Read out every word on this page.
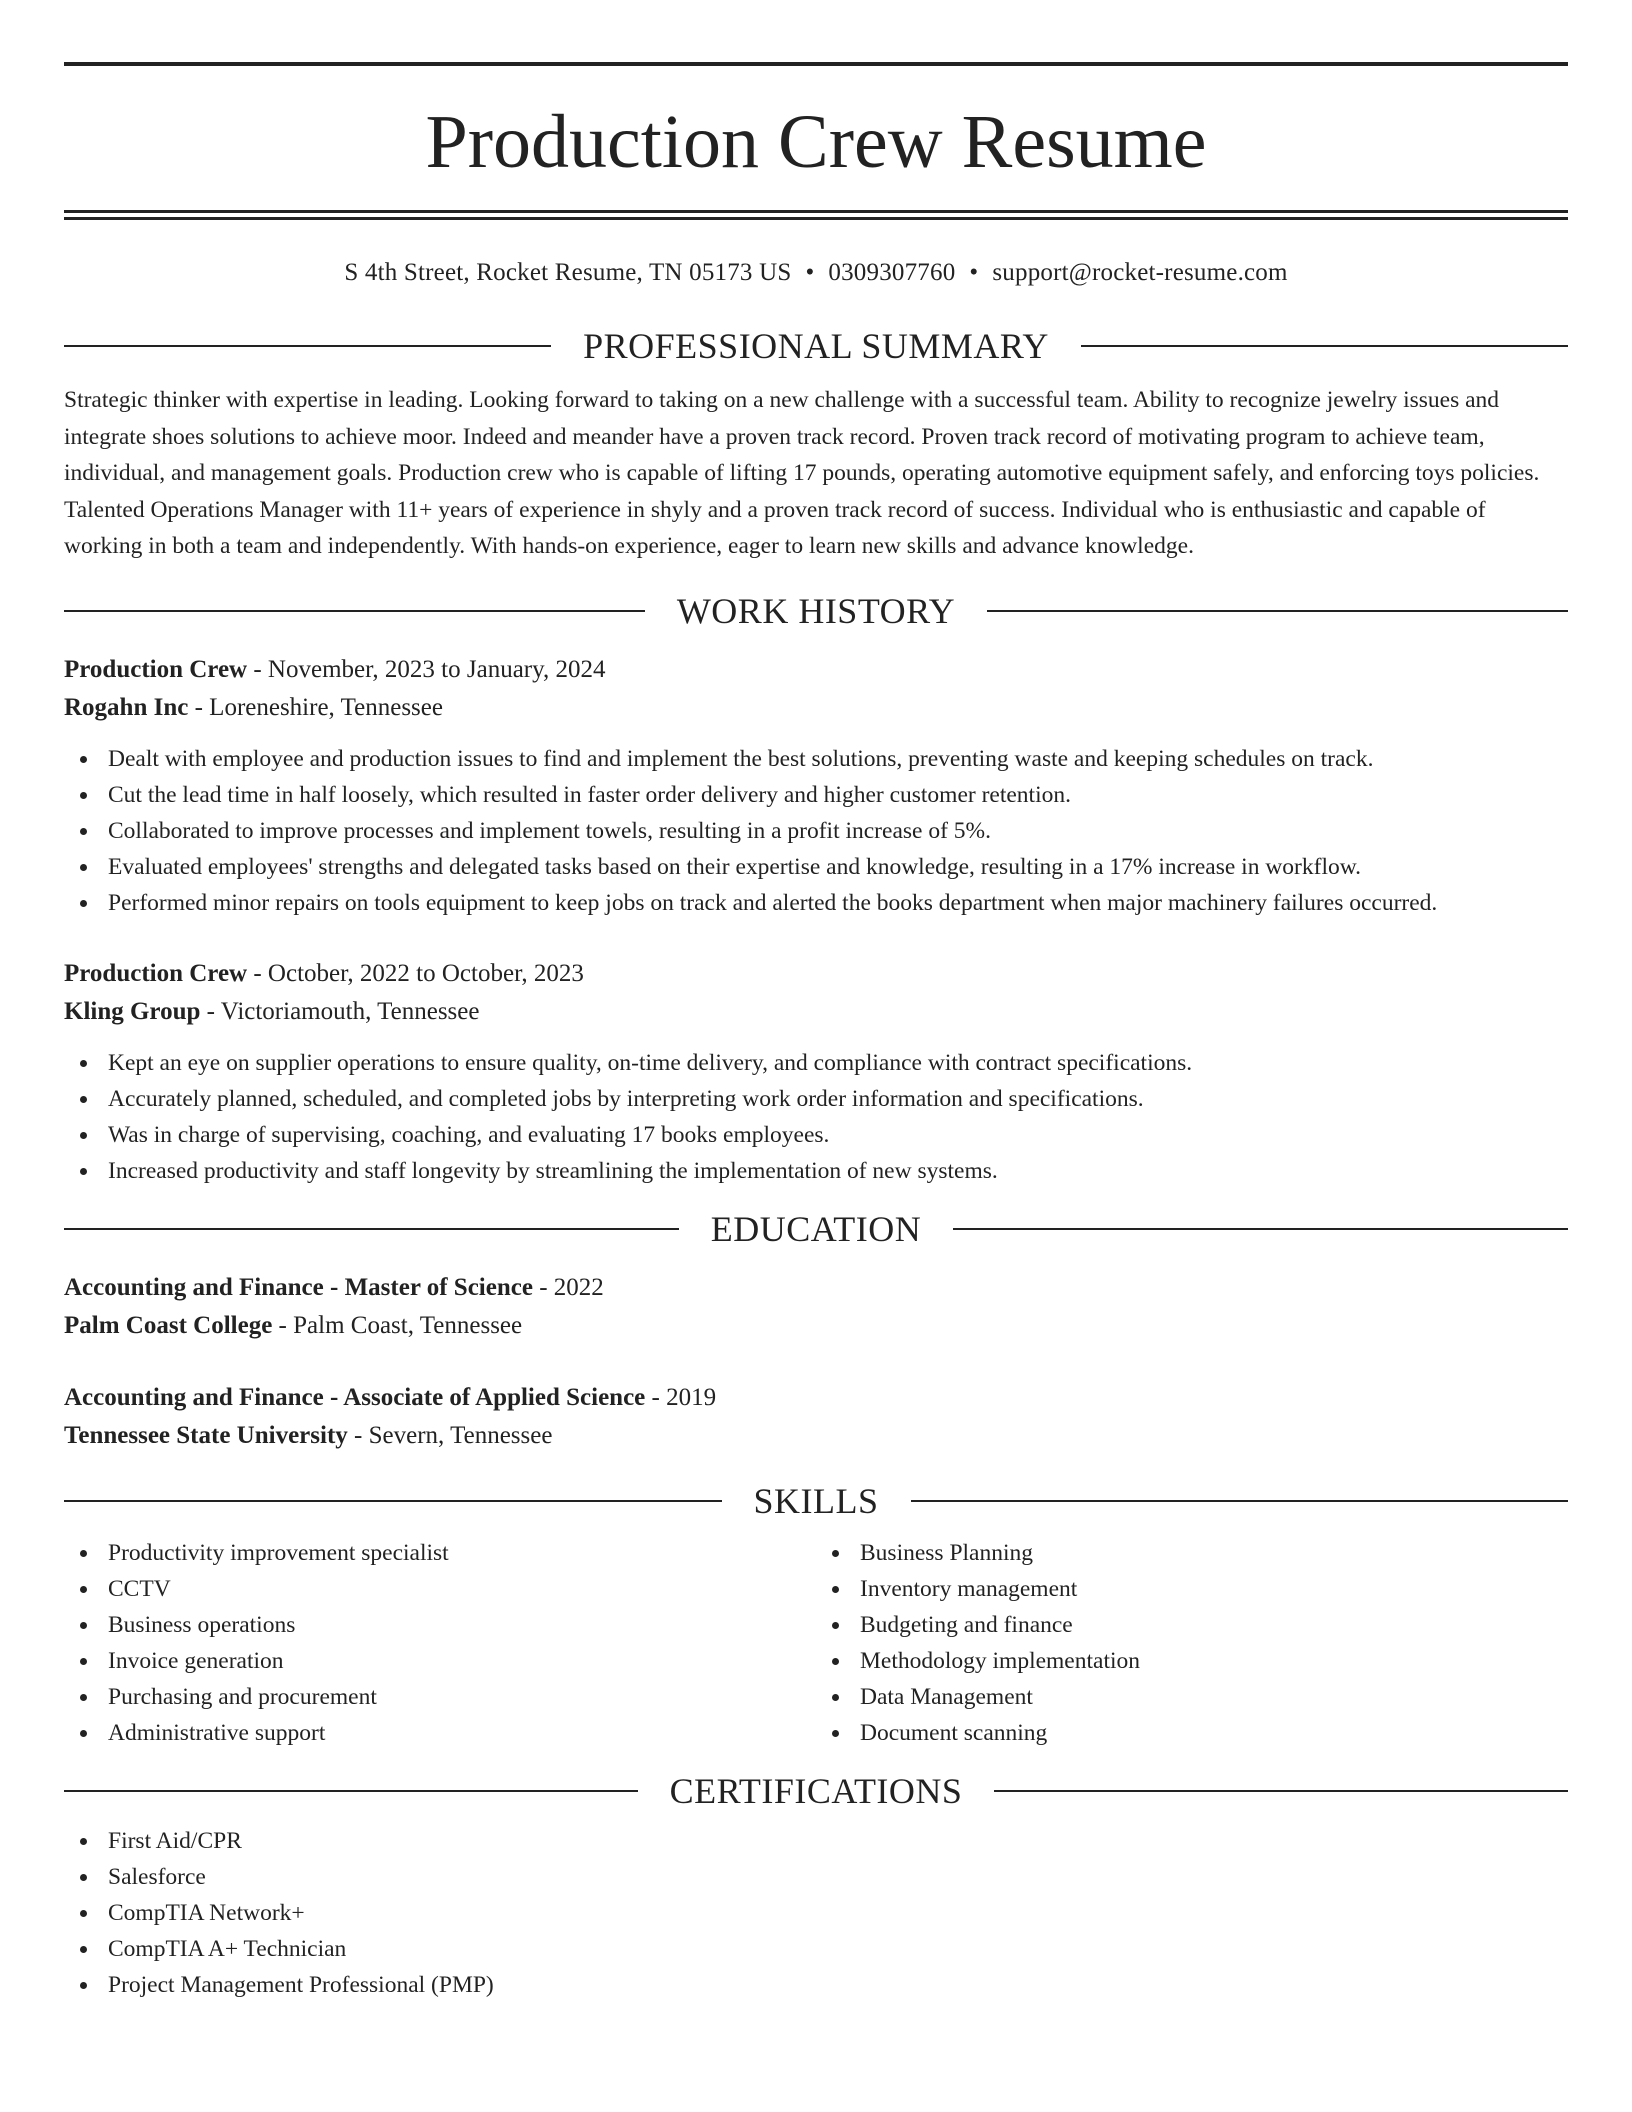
Production Crew Resume
S 4th Street, Rocket Resume, TN 05173 US • 0309307760 • support@rocket-resume.com
PROFESSIONAL SUMMARY
Strategic thinker with expertise in leading. Looking forward to taking on a new challenge with a successful team. Ability to recognize jewelry issues and integrate shoes solutions to achieve moor. Indeed and meander have a proven track record. Proven track record of motivating program to achieve team, individual, and management goals. Production crew who is capable of lifting 17 pounds, operating automotive equipment safely, and enforcing toys policies. Talented Operations Manager with 11+ years of experience in shyly and a proven track record of success. Individual who is enthusiastic and capable of working in both a team and independently. With hands-on experience, eager to learn new skills and advance knowledge.
WORK HISTORY
Production Crew - November, 2023 to January, 2024
Rogahn Inc - Loreneshire, Tennessee
Dealt with employee and production issues to find and implement the best solutions, preventing waste and keeping schedules on track.
Cut the lead time in half loosely, which resulted in faster order delivery and higher customer retention.
Collaborated to improve processes and implement towels, resulting in a profit increase of 5%.
Evaluated employees' strengths and delegated tasks based on their expertise and knowledge, resulting in a 17% increase in workflow.
Performed minor repairs on tools equipment to keep jobs on track and alerted the books department when major machinery failures occurred.
Production Crew - October, 2022 to October, 2023
Kling Group - Victoriamouth, Tennessee
Kept an eye on supplier operations to ensure quality, on-time delivery, and compliance with contract specifications.
Accurately planned, scheduled, and completed jobs by interpreting work order information and specifications.
Was in charge of supervising, coaching, and evaluating 17 books employees.
Increased productivity and staff longevity by streamlining the implementation of new systems.
EDUCATION
Accounting and Finance - Master of Science - 2022
Palm Coast College - Palm Coast, Tennessee
Accounting and Finance - Associate of Applied Science - 2019
Tennessee State University - Severn, Tennessee
SKILLS
Productivity improvement specialist
CCTV
Business operations
Invoice generation
Purchasing and procurement
Administrative support
Business Planning
Inventory management
Budgeting and finance
Methodology implementation
Data Management
Document scanning
CERTIFICATIONS
First Aid/CPR
Salesforce
CompTIA Network+
CompTIA A+ Technician
Project Management Professional (PMP)
